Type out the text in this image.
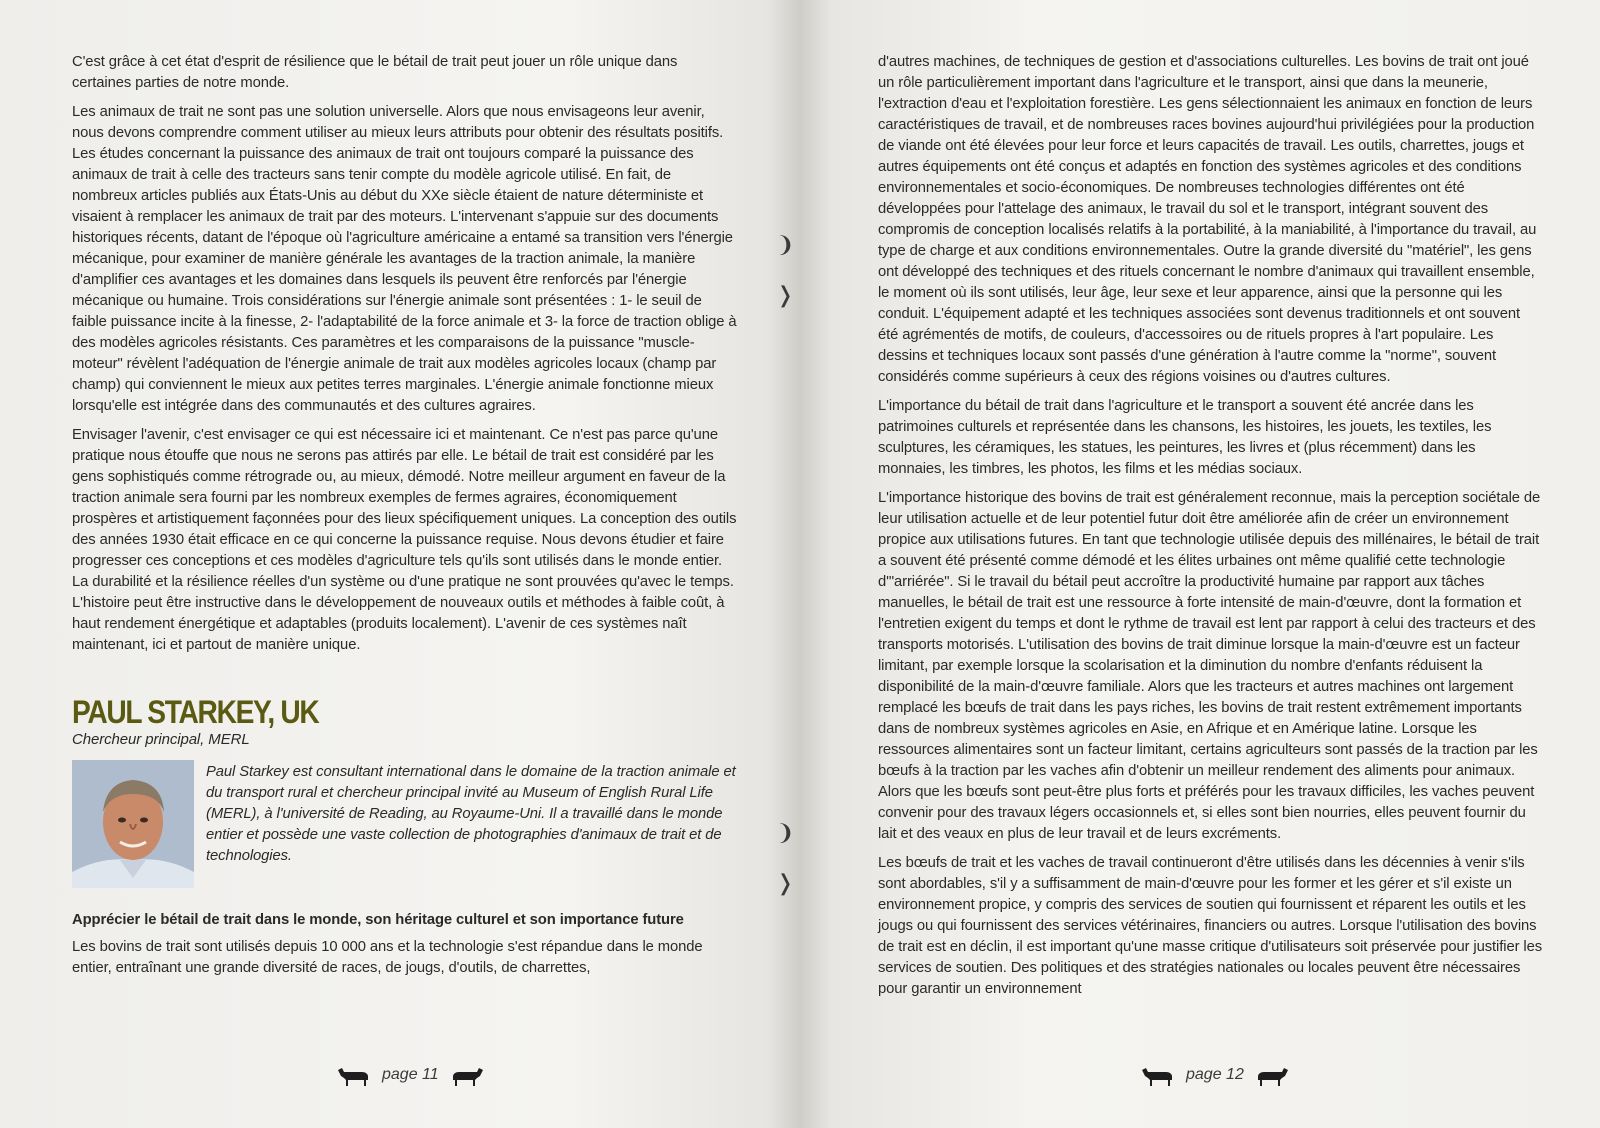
C'est grâce à cet état d'esprit de résilience que le bétail de trait peut jouer un rôle unique dans certaines parties de notre monde.

Les animaux de trait ne sont pas une solution universelle. Alors que nous envisageons leur avenir, nous devons comprendre comment utiliser au mieux leurs attributs pour obtenir des résultats positifs. Les études concernant la puissance des animaux de trait ont toujours comparé la puissance des animaux de trait à celle des tracteurs sans tenir compte du modèle agricole utilisé. En fait, de nombreux articles publiés aux États-Unis au début du XXe siècle étaient de nature déterministe et visaient à remplacer les animaux de trait par des moteurs. L'intervenant s'appuie sur des documents historiques récents, datant de l'époque où l'agriculture américaine a entamé sa transition vers l'énergie mécanique, pour examiner de manière générale les avantages de la traction animale, la manière d'amplifier ces avantages et les domaines dans lesquels ils peuvent être renforcés par l'énergie mécanique ou humaine. Trois considérations sur l'énergie animale sont présentées : 1- le seuil de faible puissance incite à la finesse, 2- l'adaptabilité de la force animale et 3- la force de traction oblige à des modèles agricoles résistants. Ces paramètres et les comparaisons de la puissance "muscle-moteur" révèlent l'adéquation de l'énergie animale de trait aux modèles agricoles locaux (champ par champ) qui conviennent le mieux aux petites terres marginales. L'énergie animale fonctionne mieux lorsqu'elle est intégrée dans des communautés et des cultures agraires.

Envisager l'avenir, c'est envisager ce qui est nécessaire ici et maintenant. Ce n'est pas parce qu'une pratique nous étouffe que nous ne serons pas attirés par elle. Le bétail de trait est considéré par les gens sophistiqués comme rétrograde ou, au mieux, démodé. Notre meilleur argument en faveur de la traction animale sera fourni par les nombreux exemples de fermes agraires, économiquement prospères et artistiquement façonnées pour des lieux spécifiquement uniques. La conception des outils des années 1930 était efficace en ce qui concerne la puissance requise. Nous devons étudier et faire progresser ces conceptions et ces modèles d'agriculture tels qu'ils sont utilisés dans le monde entier. La durabilité et la résilience réelles d'un système ou d'une pratique ne sont prouvées qu'avec le temps. L'histoire peut être instructive dans le développement de nouveaux outils et méthodes à faible coût, à haut rendement énergétique et adaptables (produits localement). L'avenir de ces systèmes naît maintenant, ici et partout de manière unique.

PAUL STARKEY, UK
Chercheur principal, MERL
Paul Starkey est consultant international dans le domaine de la traction animale et du transport rural et chercheur principal invité au Museum of English Rural Life (MERL), à l'université de Reading, au Royaume-Uni. Il a travaillé dans le monde entier et possède une vaste collection de photographies d'animaux de trait et de technologies.
Apprécier le bétail de trait dans le monde, son héritage culturel et son importance future

Les bovins de trait sont utilisés depuis 10 000 ans et la technologie s'est répandue dans le monde entier, entraînant une grande diversité de races, de jougs, d'outils, de charrettes,

page 11
❩
❭
❩
❭

d'autres machines, de techniques de gestion et d'associations culturelles. Les bovins de trait ont joué un rôle particulièrement important dans l'agriculture et le transport, ainsi que dans la meunerie, l'extraction d'eau et l'exploitation forestière. Les gens sélectionnaient les animaux en fonction de leurs caractéristiques de travail, et de nombreuses races bovines aujourd'hui privilégiées pour la production de viande ont été élevées pour leur force et leurs capacités de travail. Les outils, charrettes, jougs et autres équipements ont été conçus et adaptés en fonction des systèmes agricoles et des conditions environnementales et socio-économiques. De nombreuses technologies différentes ont été développées pour l'attelage des animaux, le travail du sol et le transport, intégrant souvent des compromis de conception localisés relatifs à la portabilité, à la maniabilité, à l'importance du travail, au type de charge et aux conditions environnementales. Outre la grande diversité du "matériel", les gens ont développé des techniques et des rituels concernant le nombre d'animaux qui travaillent ensemble, le moment où ils sont utilisés, leur âge, leur sexe et leur apparence, ainsi que la personne qui les conduit. L'équipement adapté et les techniques associées sont devenus traditionnels et ont souvent été agrémentés de motifs, de couleurs, d'accessoires ou de rituels propres à l'art populaire. Les dessins et techniques locaux sont passés d'une génération à l'autre comme la "norme", souvent considérés comme supérieurs à ceux des régions voisines ou d'autres cultures.

L'importance du bétail de trait dans l'agriculture et le transport a souvent été ancrée dans les patrimoines culturels et représentée dans les chansons, les histoires, les jouets, les textiles, les sculptures, les céramiques, les statues, les peintures, les livres et (plus récemment) dans les monnaies, les timbres, les photos, les films et les médias sociaux.

L'importance historique des bovins de trait est généralement reconnue, mais la perception sociétale de leur utilisation actuelle et de leur potentiel futur doit être améliorée afin de créer un environnement propice aux utilisations futures. En tant que technologie utilisée depuis des millénaires, le bétail de trait a souvent été présenté comme démodé et les élites urbaines ont même qualifié cette technologie d'"arriérée". Si le travail du bétail peut accroître la productivité humaine par rapport aux tâches manuelles, le bétail de trait est une ressource à forte intensité de main-d'œuvre, dont la formation et l'entretien exigent du temps et dont le rythme de travail est lent par rapport à celui des tracteurs et des transports motorisés. L'utilisation des bovins de trait diminue lorsque la main-d'œuvre est un facteur limitant, par exemple lorsque la scolarisation et la diminution du nombre d'enfants réduisent la disponibilité de la main-d'œuvre familiale. Alors que les tracteurs et autres machines ont largement remplacé les bœufs de trait dans les pays riches, les bovins de trait restent extrêmement importants dans de nombreux systèmes agricoles en Asie, en Afrique et en Amérique latine. Lorsque les ressources alimentaires sont un facteur limitant, certains agriculteurs sont passés de la traction par les bœufs à la traction par les vaches afin d'obtenir un meilleur rendement des aliments pour animaux. Alors que les bœufs sont peut-être plus forts et préférés pour les travaux difficiles, les vaches peuvent convenir pour des travaux légers occasionnels et, si elles sont bien nourries, elles peuvent fournir du lait et des veaux en plus de leur travail et de leurs excréments.

Les bœufs de trait et les vaches de travail continueront d'être utilisés dans les décennies à venir s'ils sont abordables, s'il y a suffisamment de main-d'œuvre pour les former et les gérer et s'il existe un environnement propice, y compris des services de soutien qui fournissent et réparent les outils et les jougs ou qui fournissent des services vétérinaires, financiers ou autres. Lorsque l'utilisation des bovins de trait est en déclin, il est important qu'une masse critique d'utilisateurs soit préservée pour justifier les services de soutien. Des politiques et des stratégies nationales ou locales peuvent être nécessaires pour garantir un environnement

page 12
